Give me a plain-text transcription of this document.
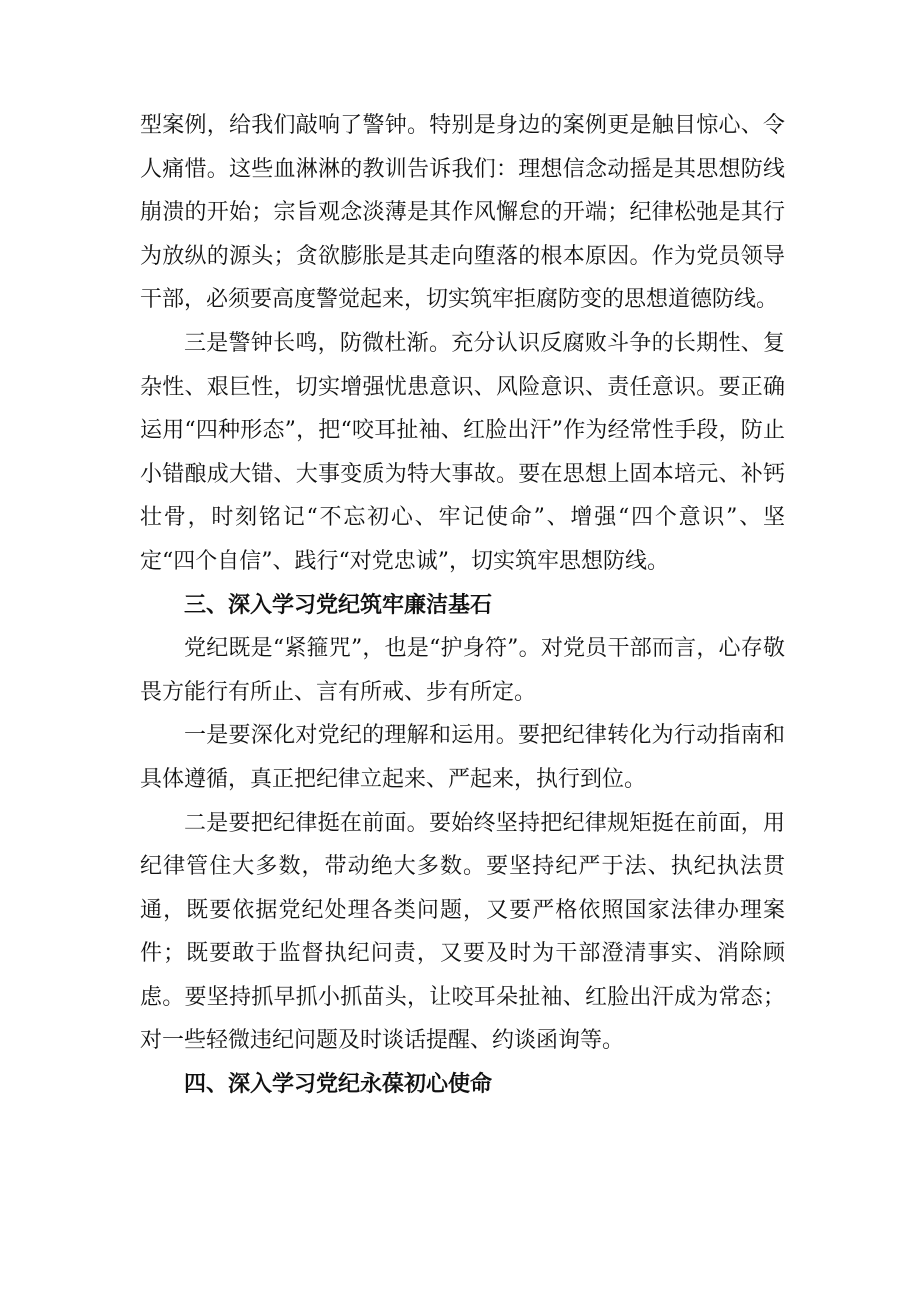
型案例，给我们敲响了警钟。特别是身边的案例更是触目惊心、令人痛惜。这些血淋淋的教训告诉我们：理想信念动摇是其思想防线崩溃的开始；宗旨观念淡薄是其作风懈怠的开端；纪律松弛是其行为放纵的源头；贪欲膨胀是其走向堕落的根本原因。作为党员领导干部，必须要高度警觉起来，切实筑牢拒腐防变的思想道德防线。

三是警钟长鸣，防微杜渐。充分认识反腐败斗争的长期性、复杂性、艰巨性，切实增强忧患意识、风险意识、责任意识。要正确运用“四种形态”，把“咬耳扯袖、红脸出汗”作为经常性手段，防止小错酿成大错、大事变质为特大事故。要在思想上固本培元、补钙壮骨，时刻铭记“不忘初心、牢记使命”、增强“四个意识”、坚定“四个自信”、践行“对党忠诚”，切实筑牢思想防线。

三、深入学习党纪筑牢廉洁基石

党纪既是“紧箍咒”，也是“护身符”。对党员干部而言，心存敬畏方能行有所止、言有所戒、步有所定。

一是要深化对党纪的理解和运用。要把纪律转化为行动指南和具体遵循，真正把纪律立起来、严起来，执行到位。

二是要把纪律挺在前面。要始终坚持把纪律规矩挺在前面，用纪律管住大多数，带动绝大多数。要坚持纪严于法、执纪执法贯通，既要依据党纪处理各类问题，又要严格依照国家法律办理案件；既要敢于监督执纪问责，又要及时为干部澄清事实、消除顾虑。要坚持抓早抓小抓苗头，让咬耳朵扯袖、红脸出汗成为常态；对一些轻微违纪问题及时谈话提醒、约谈函询等。

四、深入学习党纪永葆初心使命
